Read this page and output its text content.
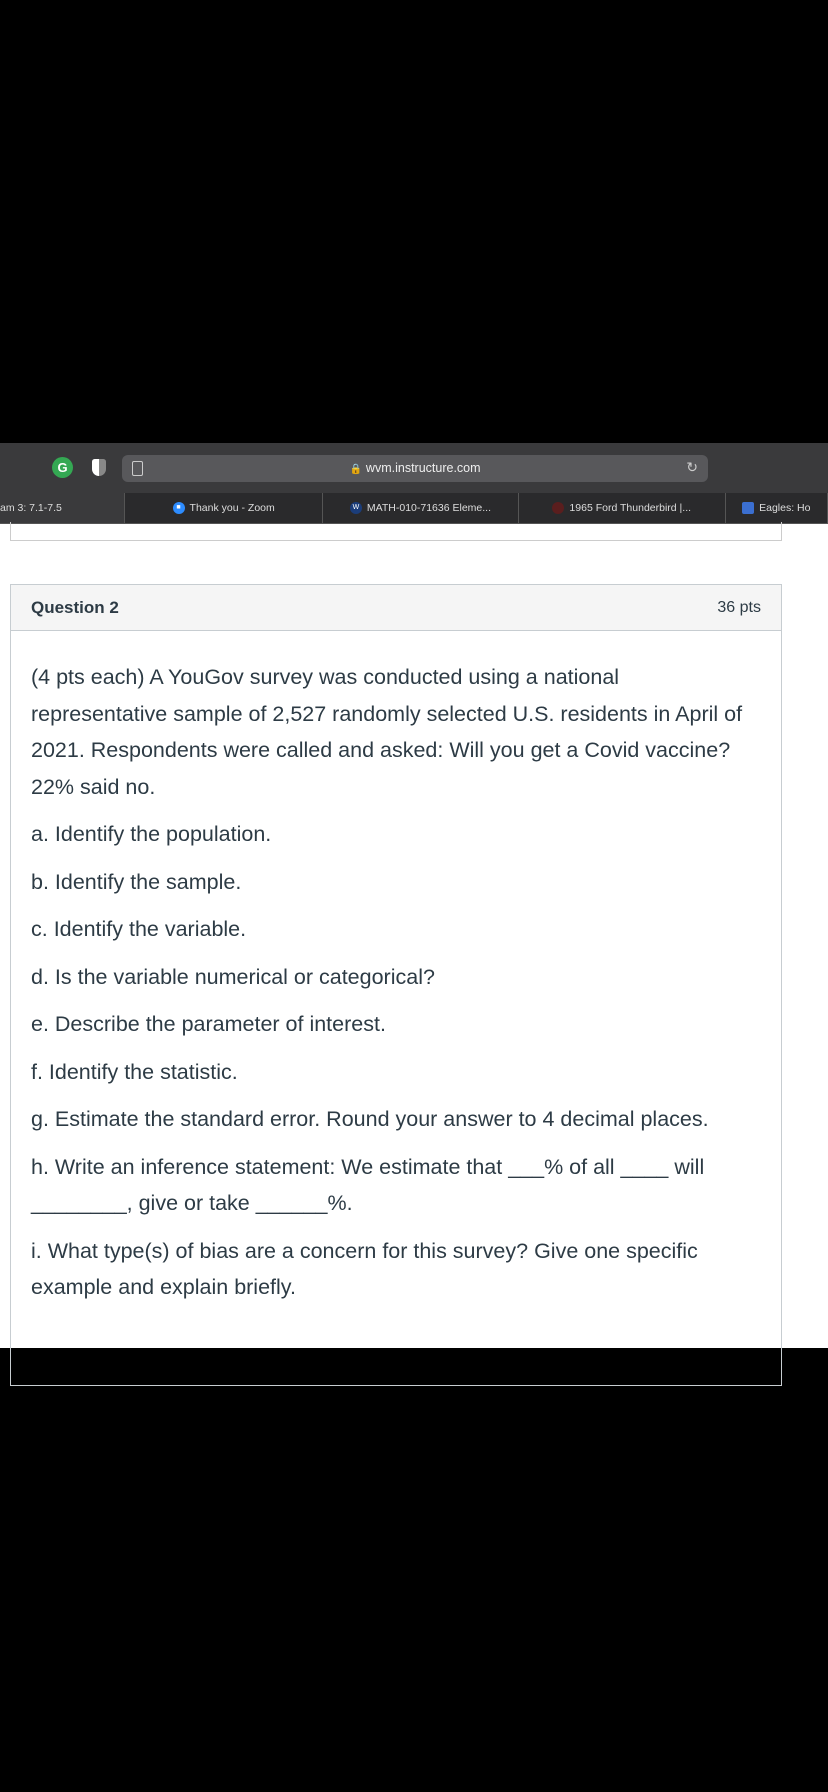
G	🔒 wvm.instructure.com	↻
am 3: 7.1-7.5	■ Thank you - Zoom	W MATH-010-71636 Eleme...	1965 Ford Thunderbird |...	Eagles: Ho
Question 2	36 pts

(4 pts each) A YouGov survey was conducted using a national representative sample of 2,527 randomly selected U.S. residents in April of 2021. Respondents were called and asked: Will you get a Covid vaccine? 22% said no.

a. Identify the population.

b. Identify the sample.

c. Identify the variable.

d. Is the variable numerical or categorical?

e. Describe the parameter of interest.

f. Identify the statistic.

g. Estimate the standard error. Round your answer to 4 decimal places.

h. Write an inference statement: We estimate that ___% of all ____ will ________, give or take ______%.

i. What type(s) of bias are a concern for this survey? Give one specific example and explain briefly.
